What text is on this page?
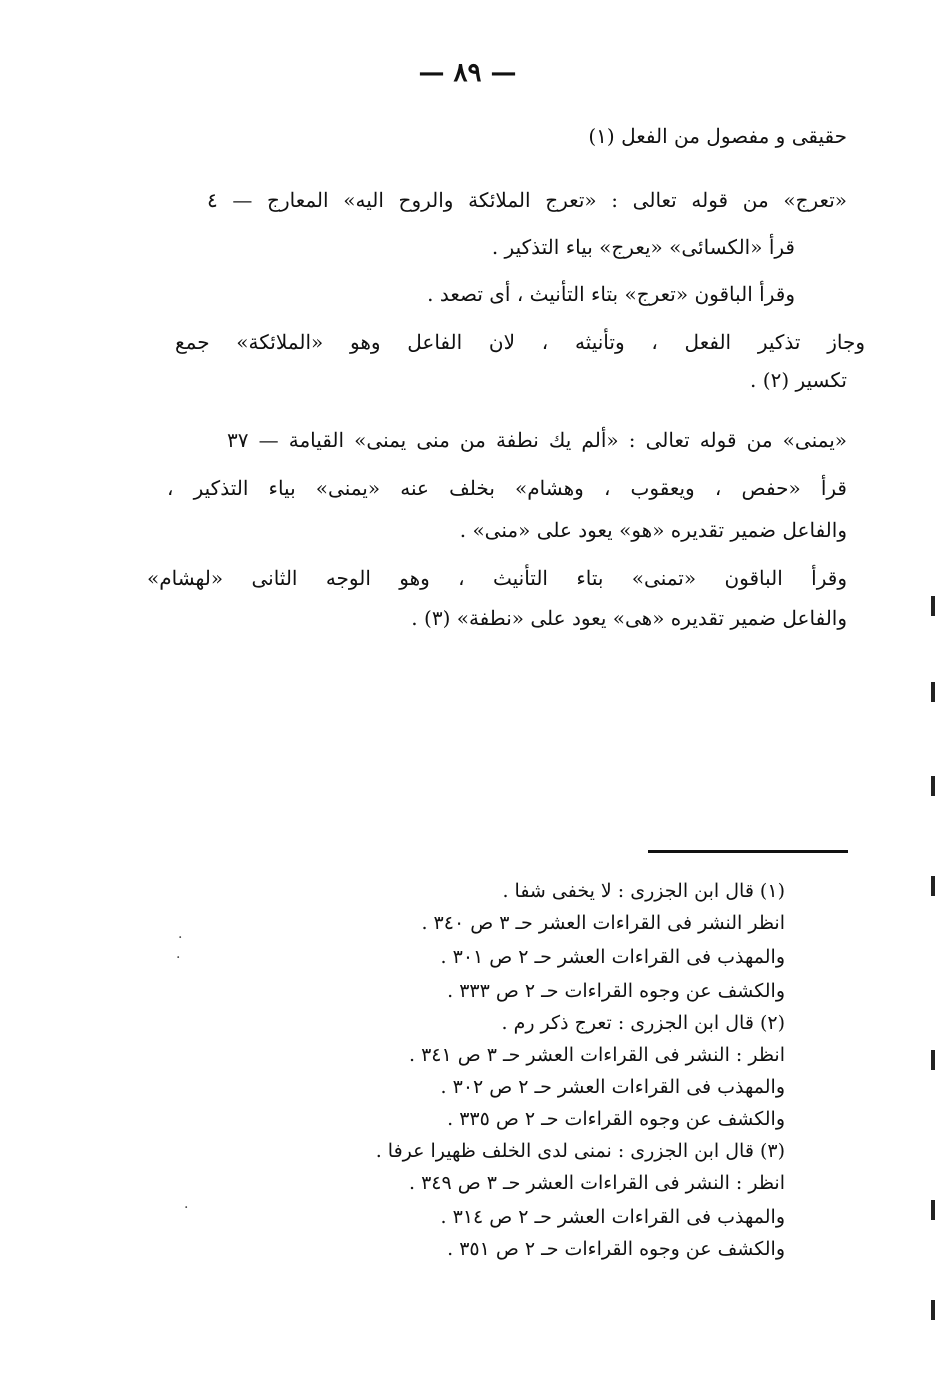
— ٨٩ —
حقيقى و مفصول من الفعل (١)
«تعرج» من قوله تعالى : «تعرج الملائكة والروح اليه» المعارج — ٤
قرأ «الكسائى» «يعرج» بياء التذكير .
وقرأ الباقون «تعرج» بتاء التأنيث ، أى تصعد .
وجاز تذكير الفعل ، وتأنيثه ، لان الفاعل وهو «الملائكة» جمع
تكسير (٢) .
«يمنى» من قوله تعالى : «ألم يك نطفة من منى يمنى» القيامة — ٣٧
قرأ «حفص ، ويعقوب ، وهشام» بخلف عنه «يمنى» بياء التذكير ،
والفاعل ضمير تقديره «هو» يعود على «منى» .
وقرأ الباقون «تمنى» بتاء التأنيث ، وهو الوجه الثانى «لهشام»
والفاعل ضمير تقديره «هى» يعود على «نطفة» (٣) .
(١) قال ابن الجزرى : لا يخفى شفا .
انظر النشر فى القراءات العشر حـ ٣ ص ٣٤٠ .
والمهذب فى القراءات العشر حـ ٢ ص ٣٠١ .
والكشف عن وجوه القراءات حـ ٢ ص ٣٣٣ .
(٢) قال ابن الجزرى : تعرج ذكر رم .
انظر : النشر فى القراءات العشر حـ ٣ ص ٣٤١ .
والمهذب فى القراءات العشر حـ ٢ ص ٣٠٢ .
والكشف عن وجوه القراءات حـ ٢ ص ٣٣٥ .
(٣) قال ابن الجزرى : نمنى لدى الخلف ظهيرا عرفا .
انظر : النشر فى القراءات العشر حـ ٣ ص ٣٤٩ .
والمهذب فى القراءات العشر حـ ٢ ص ٣١٤ .
والكشف عن وجوه القراءات حـ ٢ ص ٣٥١ .
·
·
·
